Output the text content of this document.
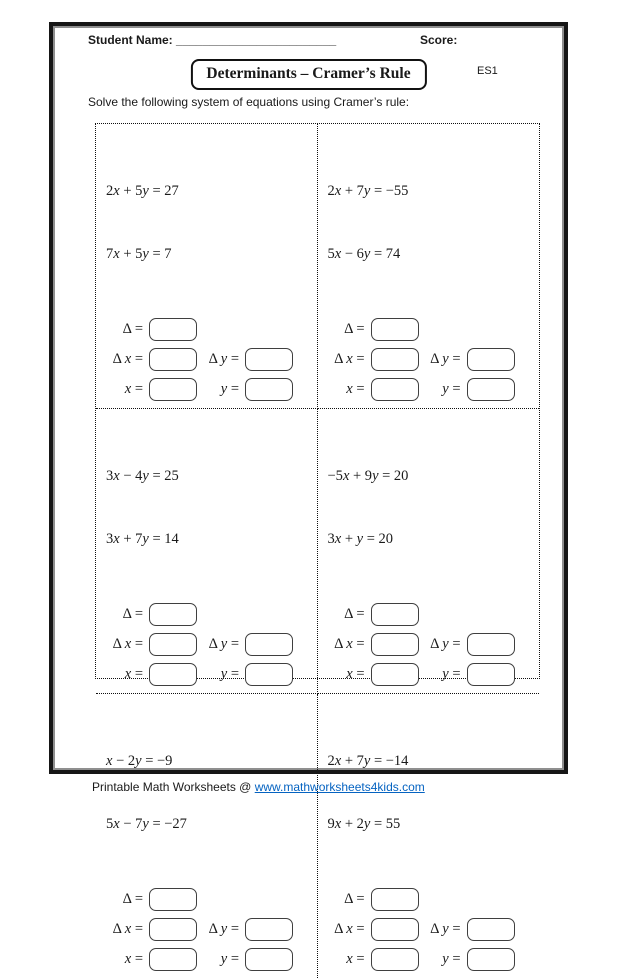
Student Name: ________________________	Score:
Determinants – Cramer’s Rule	ES1
Solve the following system of equations using Cramer’s rule:

2x + 5y = 27

7x + 5y = 7

Δ =
Δ x =	Δ y =
x =	y =

2x + 7y = −55

5x − 6y = 74

Δ =
Δ x =	Δ y =
x =	y =

3x − 4y = 25

3x + 7y = 14

Δ =
Δ x =	Δ y =
x =	y =

−5x + 9y = 20

3x + y = 20

Δ =
Δ x =	Δ y =
x =	y =

x − 2y = −9

5x − 7y = −27

Δ =
Δ x =	Δ y =
x =	y =

2x + 7y = −14

9x + 2y = 55

Δ =
Δ x =	Δ y =
x =	y =
Printable Math Worksheets @ www.mathworksheets4kids.com
